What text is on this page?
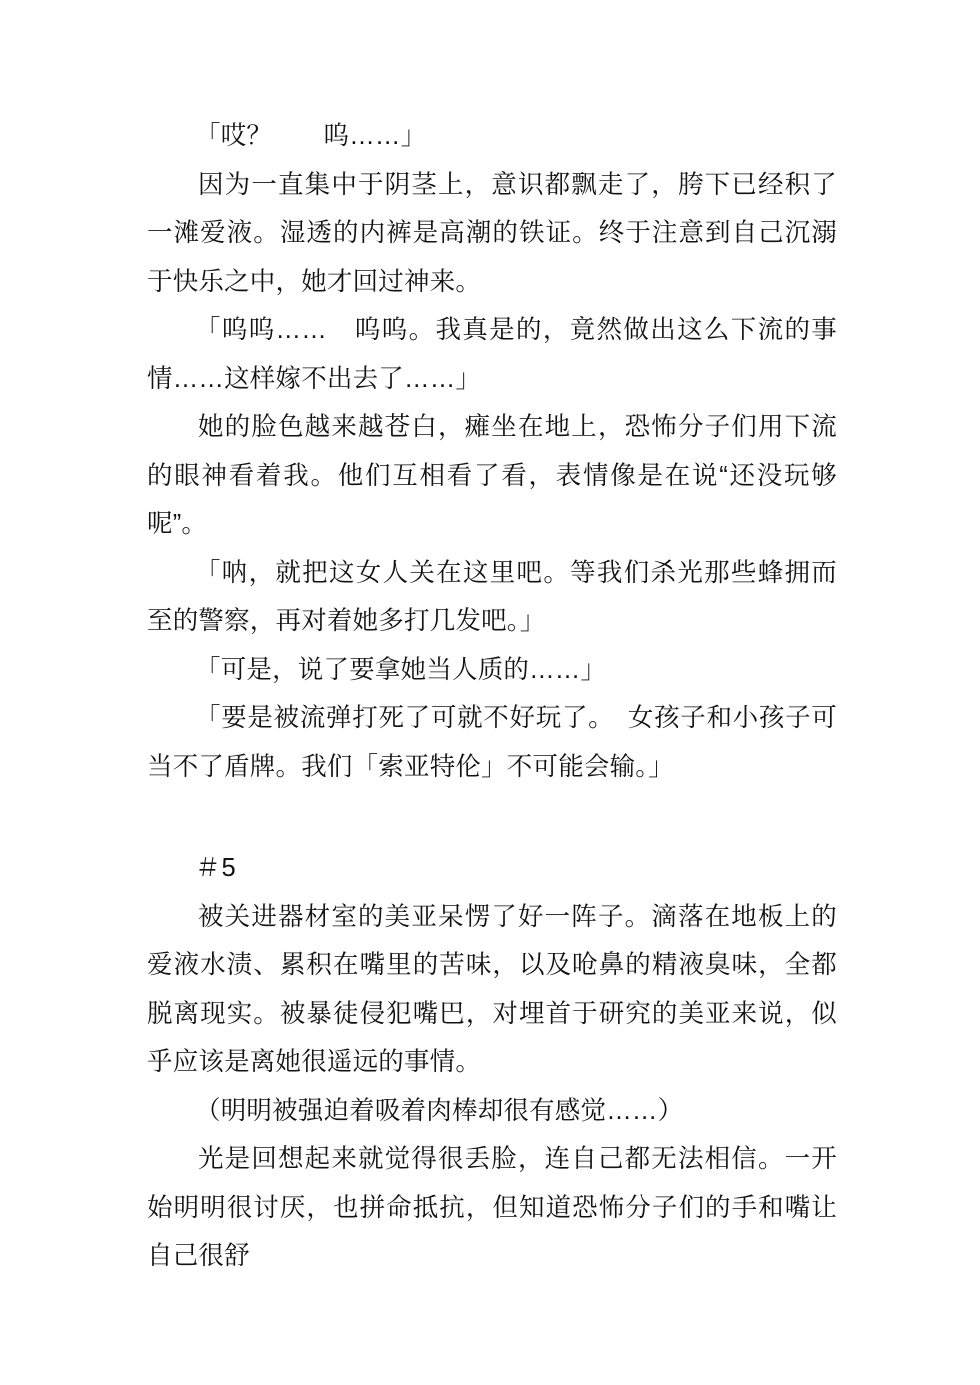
「哎？　　呜……」

因为一直集中于阴茎上，意识都飘走了，胯下已经积了一滩爱液。湿透的内裤是高潮的铁证。终于注意到自己沉溺于快乐之中，她才回过神来。

「呜呜……　呜呜。我真是的，竟然做出这么下流的事情……这样嫁不出去了……」

她的脸色越来越苍白，瘫坐在地上，恐怖分子们用下流的眼神看着我。他们互相看了看，表情像是在说“还没玩够呢”。

「呐，就把这女人关在这里吧。等我们杀光那些蜂拥而至的警察，再对着她多打几发吧。」

「可是，说了要拿她当人质的……」

「要是被流弹打死了可就不好玩了。　女孩子和小孩子可当不了盾牌。我们「索亚特伦」不可能会输。」

＃5

被关进器材室的美亚呆愣了好一阵子。滴落在地板上的爱液水渍、累积在嘴里的苦味，以及呛鼻的精液臭味，全都脱离现实。被暴徒侵犯嘴巴，对埋首于研究的美亚来说，似乎应该是离她很遥远的事情。

（明明被强迫着吸着肉棒却很有感觉……）

光是回想起来就觉得很丢脸，连自己都无法相信。一开始明明很讨厌，也拼命抵抗，但知道恐怖分子们的手和嘴让自己很舒
